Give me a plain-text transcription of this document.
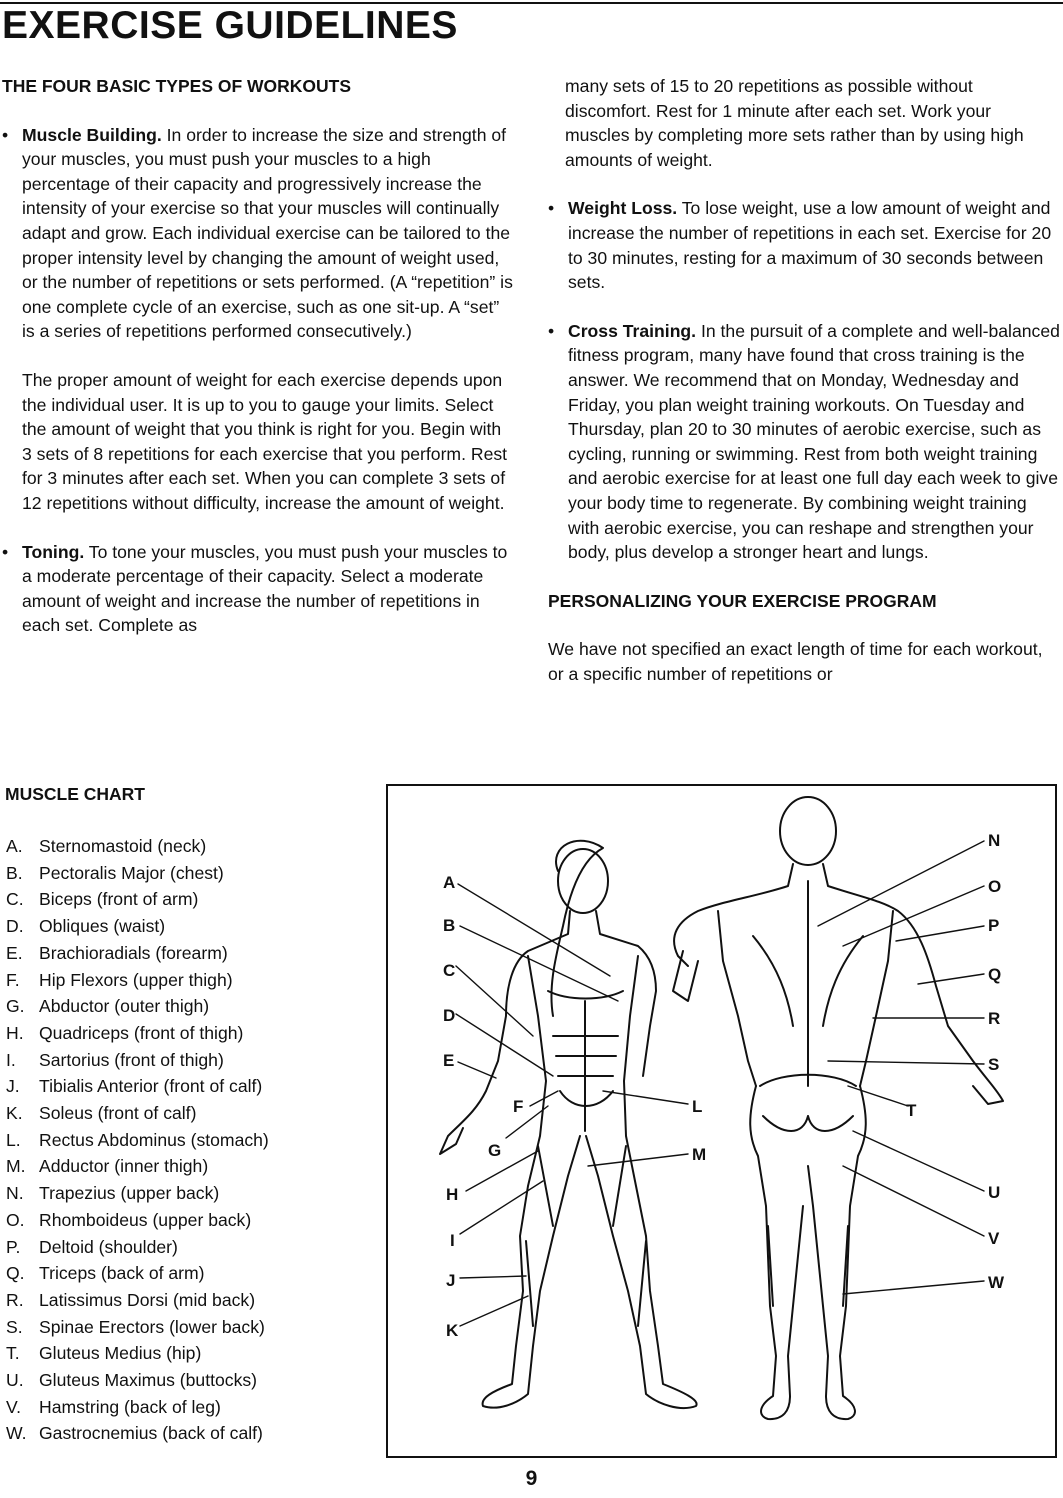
EXERCISE GUIDELINES
THE FOUR BASIC TYPES OF WORKOUTS
• Muscle Building. In order to increase the size and strength of your muscles, you must push your muscles to a high percentage of their capacity and progressively increase the intensity of your exercise so that your muscles will continually adapt and grow. Each individual exercise can be tailored to the proper intensity level by changing the amount of weight used, or the number of repetitions or sets performed. (A “repetition” is one complete cycle of an exercise, such as one sit-up. A “set” is a series of repetitions performed consecutively.)
The proper amount of weight for each exercise depends upon the individual user. It is up to you to gauge your limits. Select the amount of weight that you think is right for you. Begin with 3 sets of 8 repetitions for each exercise that you perform. Rest for 3 minutes after each set. When you can complete 3 sets of 12 repetitions without difficulty, increase the amount of weight.
• Toning. To tone your muscles, you must push your muscles to a moderate percentage of their capacity. Select a moderate amount of weight and increase the number of repetitions in each set. Complete as
many sets of 15 to 20 repetitions as possible without discomfort. Rest for 1 minute after each set. Work your muscles by completing more sets rather than by using high amounts of weight.
• Weight Loss. To lose weight, use a low amount of weight and increase the number of repetitions in each set. Exercise for 20 to 30 minutes, resting for a maximum of 30 seconds between sets.
• Cross Training. In the pursuit of a complete and well-balanced fitness program, many have found that cross training is the answer. We recommend that on Monday, Wednesday and Friday, you plan weight training workouts. On Tuesday and Thursday, plan 20 to 30 minutes of aerobic exercise, such as cycling, running or swimming. Rest from both weight training and aerobic exercise for at least one full day each week to give your body time to regenerate. By combining weight training with aerobic exercise, you can reshape and strengthen your body, plus develop a stronger heart and lungs.
PERSONALIZING YOUR EXERCISE PROGRAM
We have not specified an exact length of time for each workout, or a specific number of repetitions or
MUSCLE CHART
A. Sternomastoid (neck)
B. Pectoralis Major (chest)
C. Biceps (front of arm)
D. Obliques (waist)
E. Brachioradials (forearm)
F. Hip Flexors (upper thigh)
G. Abductor (outer thigh)
H. Quadriceps (front of thigh)
I. Sartorius (front of thigh)
J. Tibialis Anterior (front of calf)
K. Soleus (front of calf)
L. Rectus Abdominus (stomach)
M. Adductor (inner thigh)
N. Trapezius (upper back)
O. Rhomboideus (upper back)
P. Deltoid (shoulder)
Q. Triceps (back of arm)
R. Latissimus Dorsi (mid back)
S. Spinae Erectors (lower back)
T. Gluteus Medius (hip)
U. Gluteus Maximus (buttocks)
V. Hamstring (back of leg)
W. Gastrocnemius (back of calf)
A
B
C
D
E
F
G
H
I
J
K
L
M
N
O
P
Q
R
S
T
U
V
W
9
